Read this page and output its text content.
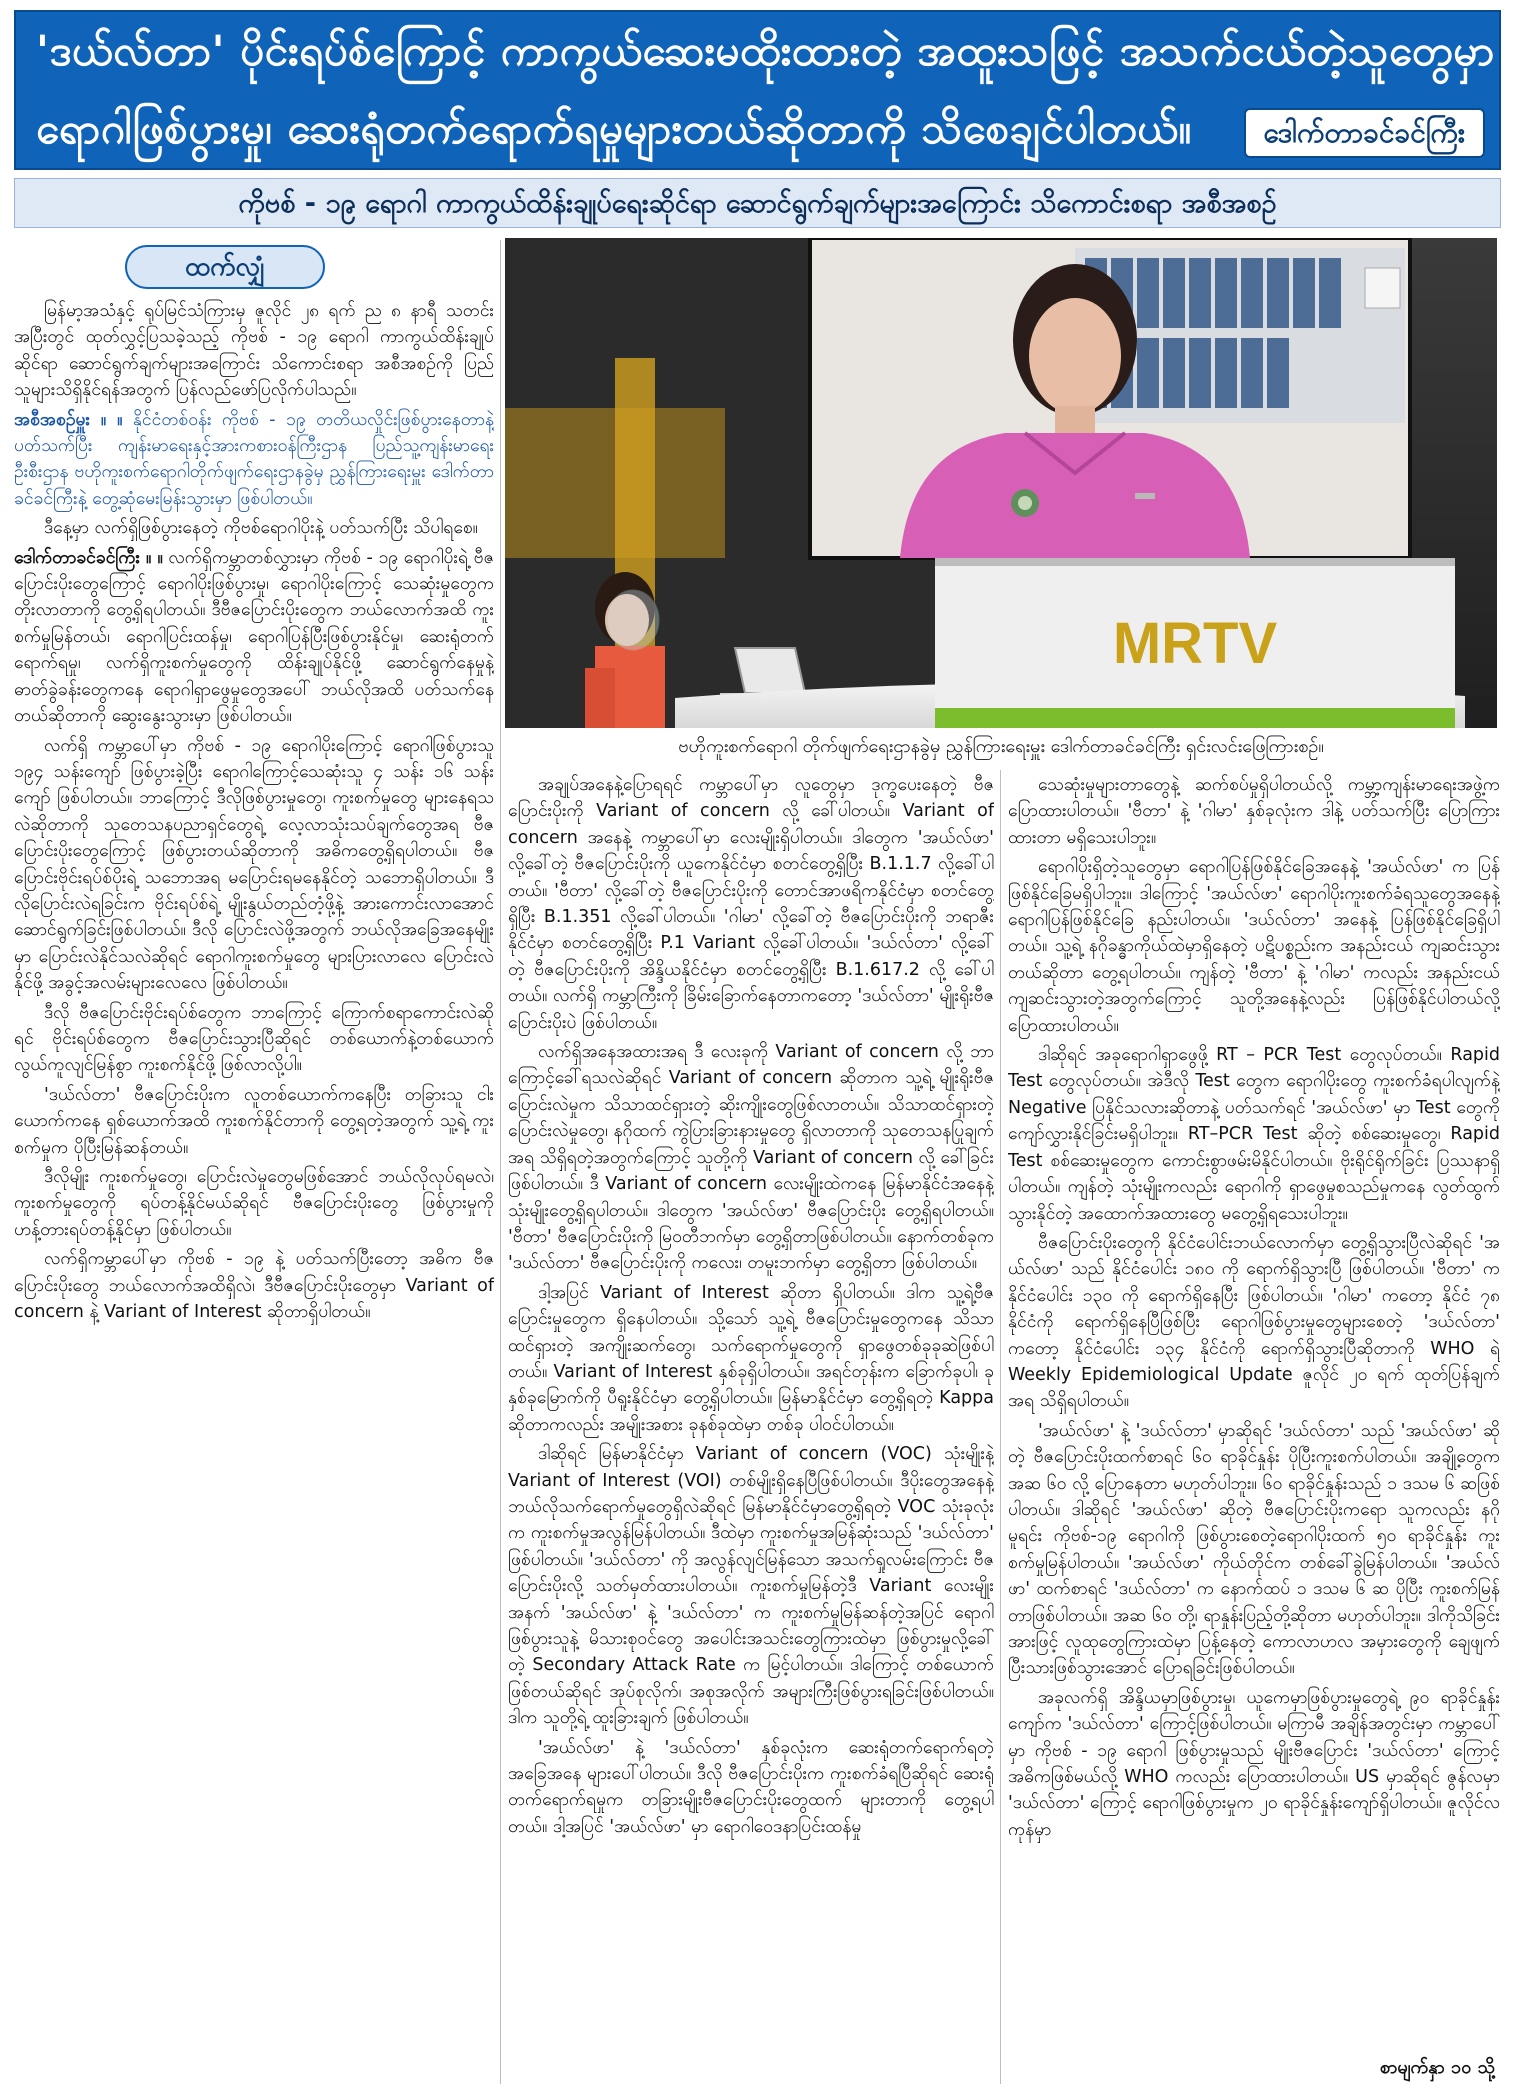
'ဒယ်လ်တာ' ပိုင်းရပ်စ်ကြောင့် ကာကွယ်ဆေးမထိုးထားတဲ့ အထူးသဖြင့် အသက်ငယ်တဲ့သူတွေမှာ
ရောဂါဖြစ်ပွားမှု၊ ဆေးရုံတက်ရောက်ရမှုများတယ်ဆိုတာကို သိစေချင်ပါတယ်။	ဒေါက်တာခင်ခင်ကြီး
ကိုဗစ် - ၁၉ ရောဂါ ကာကွယ်ထိန်းချုပ်ရေးဆိုင်ရာ ဆောင်ရွက်ချက်များအကြောင်း သိကောင်းစရာ အစီအစဉ်
ထက်လျှံ

မြန်မာ့အသံနှင့် ရုပ်မြင်သံကြားမှ ဇူလိုင် ၂၈ ရက် ည ၈ နာရီ သတင်းအပြီးတွင် ထုတ်လွှင့်ပြသခဲ့သည့် ကိုဗစ် - ၁၉ ရောဂါ ကာကွယ်ထိန်းချုပ်ဆိုင်ရာ ဆောင်ရွက်ချက်များအကြောင်း သိကောင်းစရာ အစီအစဉ်ကို ပြည်သူများသိရှိနိုင်ရန်အတွက် ပြန်လည်ဖော်ပြလိုက်ပါသည်။

အစီအစဉ်မှူး ။ ။ နိုင်ငံတစ်ဝန်း ကိုဗစ် - ၁၉ တတိယလှိုင်းဖြစ်ပွားနေတာနဲ့ ပတ်သက်ပြီး ကျန်းမာရေးနှင့်အားကစားဝန်ကြီးဌာန ပြည်သူ့ကျန်းမာရေးဦးစီးဌာန ဗဟိုကူးစက်ရောဂါတိုက်ဖျက်ရေးဌာနခွဲမှ ညွှန်ကြားရေးမှူး ဒေါက်တာခင်ခင်ကြီးနဲ့ တွေ့ဆုံမေးမြန်းသွားမှာ ဖြစ်ပါတယ်။

ဒီနေ့မှာ လက်ရှိဖြစ်ပွားနေတဲ့ ကိုဗစ်ရောဂါပိုးနဲ့ ပတ်သက်ပြီး သိပါရစေ။

ဒေါက်တာခင်ခင်ကြီး ။ ။ လက်ရှိကမ္ဘာတစ်လွှားမှာ ကိုဗစ် - ၁၉ ရောဂါပိုးရဲ့ ဗီဇပြောင်းပိုးတွေကြောင့် ရောဂါပိုးဖြစ်ပွားမှု၊ ရောဂါပိုးကြောင့် သေဆုံးမှုတွေက တိုးလာတာကို တွေ့ရှိရပါတယ်။ ဒီဗီဇပြောင်းပိုးတွေက ဘယ်လောက်အထိ ကူးစက်မှုမြန်တယ်၊ ရောဂါပြင်းထန်မှု၊ ရောဂါပြန်ပြီးဖြစ်ပွားနိုင်မှု၊ ဆေးရုံတက်ရောက်ရမှု၊ လက်ရှိကူးစက်မှုတွေကို ထိန်းချုပ်နိုင်ဖို့ ဆောင်ရွက်နေမှုနဲ့ ဓာတ်ခွဲခန်းတွေကနေ ရောဂါရှာဖွေမှုတွေအပေါ် ဘယ်လိုအထိ ပတ်သက်နေတယ်ဆိုတာကို ဆွေးနွေးသွားမှာ ဖြစ်ပါတယ်။

လက်ရှိ ကမ္ဘာပေါ်မှာ ကိုဗစ် - ၁၉ ရောဂါပိုးကြောင့် ရောဂါဖြစ်ပွားသူ ၁၉၄ သန်းကျော် ဖြစ်ပွားခဲ့ပြီး ရောဂါကြောင့်သေဆုံးသူ ၄ သန်း ၁၆ သန်းကျော် ဖြစ်ပါတယ်။ ဘာကြောင့် ဒီလိုဖြစ်ပွားမှုတွေ၊ ကူးစက်မှုတွေ များနေရသလဲဆိုတာကို သုတေသနပညာရှင်တွေရဲ့ လေ့လာသုံးသပ်ချက်တွေအရ ဗီဇပြောင်းပိုးတွေကြောင့် ဖြစ်ပွားတယ်ဆိုတာကို အဓိကတွေ့ရှိရပါတယ်။ ဗီဇပြောင်းဗိုင်းရပ်စ်ပိုးရဲ့ သဘောအရ မပြောင်းရမနေနိုင်တဲ့ သဘောရှိပါတယ်။ ဒီလိုပြောင်းလဲရခြင်းက ဗိုင်းရပ်စ်ရဲ့ မျိုးနွယ်တည်တံ့ဖို့နဲ့ အားကောင်းလာအောင် ဆောင်ရွက်ခြင်းဖြစ်ပါတယ်။ ဒီလို ပြောင်းလဲဖို့အတွက် ဘယ်လိုအခြေအနေမျိုးမှာ ပြောင်းလဲနိုင်သလဲဆိုရင် ရောဂါကူးစက်မှုတွေ များပြားလာလေ ပြောင်းလဲနိုင်ဖို့ အခွင့်အလမ်းများလေလေ ဖြစ်ပါတယ်။

ဒီလို ဗီဇပြောင်းဗိုင်းရပ်စ်တွေက ဘာကြောင့် ကြောက်စရာကောင်းလဲဆိုရင် ဗိုင်းရပ်စ်တွေက ဗီဇပြောင်းသွားပြီဆိုရင် တစ်ယောက်နဲ့တစ်ယောက် လွယ်ကူလျင်မြန်စွာ ကူးစက်နိုင်ဖို့ ဖြစ်လာလို့ပါ။

'ဒယ်လ်တာ' ဗီဇပြောင်းပိုးက လူတစ်ယောက်ကနေပြီး တခြားသူ ငါးယောက်ကနေ ရှစ်ယောက်အထိ ကူးစက်နိုင်တာကို တွေ့ရတဲ့အတွက် သူ့ရဲ့ ကူးစက်မှုက ပိုပြီးမြန်ဆန်တယ်။

ဒီလိုမျိုး ကူးစက်မှုတွေ၊ ပြောင်းလဲမှုတွေမဖြစ်အောင် ဘယ်လိုလုပ်ရမလဲ၊ ကူးစက်မှုတွေကို ရပ်တန့်နိုင်မယ်ဆိုရင် ဗီဇပြောင်းပိုးတွေ ဖြစ်ပွားမှုကို ဟန့်တားရပ်တန့်နိုင်မှာ ဖြစ်ပါတယ်။

လက်ရှိကမ္ဘာပေါ်မှာ ကိုဗစ် - ၁၉ နဲ့ ပတ်သက်ပြီးတော့ အဓိက ဗီဇပြောင်းပိုးတွေ ဘယ်လောက်အထိရှိလဲ၊ ဒီဗီဇပြောင်းပိုးတွေမှာ Variant of concern နဲ့ Variant of Interest ဆိုတာရှိပါတယ်။

MRTV
ဗဟိုကူးစက်ရောဂါ တိုက်ဖျက်ရေးဌာနခွဲမှ ညွှန်ကြားရေးမှူး ဒေါက်တာခင်ခင်ကြီး ရှင်းလင်းဖြေကြားစဉ်။

အချုပ်အနေနဲ့ပြောရရင် ကမ္ဘာပေါ်မှာ လူတွေမှာ ဒုက္ခပေးနေတဲ့ ဗီဇပြောင်းပိုးကို Variant of concern လို့ ခေါ်ပါတယ်။ Variant of concern အနေနဲ့ ကမ္ဘာပေါ်မှာ လေးမျိုးရှိပါတယ်။ ဒါတွေက 'အယ်လ်ဖာ' လို့ခေါ်တဲ့ ဗီဇပြောင်းပိုးကို ယူကေနိုင်ငံမှာ စတင်တွေ့ရှိပြီး B.1.1.7 လို့ခေါ်ပါတယ်။ 'ဗီတာ' လို့ခေါ်တဲ့ ဗီဇပြောင်းပိုးကို တောင်အာဖရိကနိုင်ငံမှာ စတင်တွေ့ရှိပြီး B.1.351 လို့ခေါ်ပါတယ်။ 'ဂါမာ' လို့ခေါ်တဲ့ ဗီဇပြောင်းပိုးကို ဘရာဇီးနိုင်ငံမှာ စတင်တွေ့ရှိပြီး P.1 Variant လို့ခေါ်ပါတယ်။ 'ဒယ်လ်တာ' လို့ခေါ်တဲ့ ဗီဇပြောင်းပိုးကို အိန္ဒိယနိုင်ငံမှာ စတင်တွေ့ရှိပြီး B.1.617.2 လို့ ခေါ်ပါတယ်။ လက်ရှိ ကမ္ဘာကြီးကို ခြိမ်းခြောက်နေတာကတော့ 'ဒယ်လ်တာ' မျိုးရိုးဗီဇပြောင်းပိုးပဲ ဖြစ်ပါတယ်။

လက်ရှိအနေအထားအရ ဒီ လေးခုကို Variant of concern လို့ ဘာကြောင့်ခေါ်ရသလဲဆိုရင် Variant of concern ဆိုတာက သူ့ရဲ့ မျိုးရိုးဗီဇပြောင်းလဲမှုက သိသာထင်ရှားတဲ့ ဆိုးကျိုးတွေဖြစ်လာတယ်။ သိသာထင်ရှားတဲ့ ပြောင်းလဲမှုတွေ၊ နဂိုထက် ကွဲပြားခြားနားမှုတွေ ရှိလာတာကို သုတေသနပြုချက်အရ သိရှိရတဲ့အတွက်ကြောင့် သူတို့ကို Variant of concern လို့ ခေါ်ခြင်းဖြစ်ပါတယ်။ ဒီ Variant of concern လေးမျိုးထဲကနေ မြန်မာနိုင်ငံအနေနဲ့ သုံးမျိုးတွေ့ရှိရပါတယ်။ ဒါတွေက 'အယ်လ်ဖာ' ဗီဇပြောင်းပိုး တွေ့ရှိရပါတယ်။ 'ဗီတာ' ဗီဇပြောင်းပိုးကို မြဝတီဘက်မှာ တွေ့ရှိတာဖြစ်ပါတယ်။ နောက်တစ်ခုက 'ဒယ်လ်တာ' ဗီဇပြောင်းပိုးကို ကလေး၊ တမူးဘက်မှာ တွေ့ရှိတာ ဖြစ်ပါတယ်။

ဒါ့အပြင် Variant of Interest ဆိုတာ ရှိပါတယ်။ ဒါက သူ့ရဲ့ဗီဇပြောင်းမှုတွေက ရှိနေပါတယ်။ သို့သော် သူ့ရဲ့ ဗီဇပြောင်းမှုတွေကနေ သိသာထင်ရှားတဲ့ အကျိုးဆက်တွေ၊ သက်ရောက်မှုတွေကို ရှာဖွေတစ်ခုခုဆဲဖြစ်ပါတယ်။ Variant of Interest နှစ်ခုရှိပါတယ်။ အရင်တုန်းက ခြောက်ခုပါ၊ ခုနှစ်ခုမြောက်ကို ပီရူးနိုင်ငံမှာ တွေ့ရှိပါတယ်။ မြန်မာနိုင်ငံမှာ တွေ့ရှိရတဲ့ Kappa ဆိုတာကလည်း အမျိုးအစား ခုနစ်ခုထဲမှာ တစ်ခု ပါဝင်ပါတယ်။

ဒါဆိုရင် မြန်မာနိုင်ငံမှာ Variant of concern (VOC) သုံးမျိုးနဲ့ Variant of Interest (VOI) တစ်မျိုးရှိနေပြီဖြစ်ပါတယ်။ ဒီပိုးတွေအနေနဲ့ ဘယ်လိုသက်ရောက်မှုတွေရှိလဲဆိုရင် မြန်မာနိုင်ငံမှာတွေ့ရှိရတဲ့ VOC သုံးခုလုံးက ကူးစက်မှုအလွန်မြန်ပါတယ်။ ဒီထဲမှာ ကူးစက်မှုအမြန်ဆုံးသည် 'ဒယ်လ်တာ' ဖြစ်ပါတယ်။ 'ဒယ်လ်တာ' ကို အလွန်လျင်မြန်သော အသက်ရှုလမ်းကြောင်း ဗီဇပြောင်းပိုးလို့ သတ်မှတ်ထားပါတယ်။ ကူးစက်မှုမြန်တဲ့ဒီ Variant လေးမျိုးအနက် 'အယ်လ်ဖာ' နဲ့ 'ဒယ်လ်တာ' က ကူးစက်မှုမြန်ဆန်တဲ့အပြင် ရောဂါဖြစ်ပွားသူနဲ့ မိသားစုဝင်တွေ အပေါင်းအသင်းတွေကြားထဲမှာ ဖြစ်ပွားမှုလို့ခေါ်တဲ့ Secondary Attack Rate က မြင့်ပါတယ်။ ဒါကြောင့် တစ်ယောက်ဖြစ်တယ်ဆိုရင် အုပ်စုလိုက်၊ အစုအလိုက် အများကြီးဖြစ်ပွားရခြင်းဖြစ်ပါတယ်။ ဒါက သူတို့ရဲ့ ထူးခြားချက် ဖြစ်ပါတယ်။

'အယ်လ်ဖာ' နဲ့ 'ဒယ်လ်တာ' နှစ်ခုလုံးက ဆေးရုံတက်ရောက်ရတဲ့ အခြေအနေ များပေါ်ပါတယ်။ ဒီလို ဗီဇပြောင်းပိုးက ကူးစက်ခံရပြီဆိုရင် ဆေးရုံတက်ရောက်ရမှုက တခြားမျိုးဗီဇပြောင်းပိုးတွေထက် များတာကို တွေ့ရပါတယ်။ ဒါ့အပြင် 'အယ်လ်ဖာ' မှာ ရောဂါဝေဒနာပြင်းထန်မှု

သေဆုံးမှုများတာတွေနဲ့ ဆက်စပ်မှုရှိပါတယ်လို့ ကမ္ဘာ့ကျန်းမာရေးအဖွဲ့က ပြောထားပါတယ်။ 'ဗီတာ' နဲ့ 'ဂါမာ' နှစ်ခုလုံးက ဒါနဲ့ ပတ်သက်ပြီး ပြောကြားထားတာ မရှိသေးပါဘူး။

ရောဂါပိုးရှိတဲ့သူတွေမှာ ရောဂါပြန်ဖြစ်နိုင်ခြေအနေနဲ့ 'အယ်လ်ဖာ' က ပြန်ဖြစ်နိုင်ခြေမရှိပါဘူး။ ဒါကြောင့် 'အယ်လ်ဖာ' ရောဂါပိုးကူးစက်ခံရသူတွေအနေနဲ့ ရောဂါပြန်ဖြစ်နိုင်ခြေ နည်းပါတယ်။ 'ဒယ်လ်တာ' အနေနဲ့ ပြန်ဖြစ်နိုင်ခြေရှိပါတယ်။ သူ့ရဲ့ နဂိုခန္ဓာကိုယ်ထဲမှာရှိနေတဲ့ ပဋိပစ္စည်းက အနည်းငယ် ကျဆင်းသွားတယ်ဆိုတာ တွေ့ရပါတယ်။ ကျန်တဲ့ 'ဗီတာ' နဲ့ 'ဂါမာ' ကလည်း အနည်းငယ် ကျဆင်းသွားတဲ့အတွက်ကြောင့် သူတို့အနေနဲ့လည်း ပြန်ဖြစ်နိုင်ပါတယ်လို့ ပြောထားပါတယ်။

ဒါဆိုရင် အခုရောဂါရှာဖွေဖို့ RT – PCR Test တွေလုပ်တယ်။ Rapid Test တွေလုပ်တယ်။ အဲဒီလို Test တွေက ရောဂါပိုးတွေ ကူးစက်ခံရပါလျက်နဲ့ Negative ပြနိုင်သလားဆိုတာနဲ့ ပတ်သက်ရင် 'အယ်လ်ဖာ' မှာ Test တွေကို ကျော်လွှားနိုင်ခြင်းမရှိပါဘူး။ RT–PCR Test ဆိုတဲ့ စစ်ဆေးမှုတွေ၊ Rapid Test စစ်ဆေးမှုတွေက ကောင်းစွာဖမ်းမိနိုင်ပါတယ်။ ဗိုးရိုင်ရိုက်ခြင်း ပြဿနာရှိပါတယ်။ ကျန်တဲ့ သုံးမျိုးကလည်း ရောဂါကို ရှာဖွေမှုစသည်မှုကနေ လွတ်ထွက်သွားနိုင်တဲ့ အထောက်အထားတွေ မတွေ့ရှိရသေးပါဘူး။

ဗီဇပြောင်းပိုးတွေကို နိုင်ငံပေါင်းဘယ်လောက်မှာ တွေ့ရှိသွားပြီလဲဆိုရင် 'အယ်လ်ဖာ' သည် နိုင်ငံပေါင်း ၁၈၀ ကို ရောက်ရှိသွားပြီ ဖြစ်ပါတယ်။ 'ဗီတာ' က နိုင်ငံပေါင်း ၁၃၀ ကို ရောက်ရှိနေပြီး ဖြစ်ပါတယ်။ 'ဂါမာ' ကတော့ နိုင်ငံ ၇၈ နိုင်ငံကို ရောက်ရှိနေပြီဖြစ်ပြီး ရောဂါဖြစ်ပွားမှုတွေများစေတဲ့ 'ဒယ်လ်တာ' ကတော့ နိုင်ငံပေါင်း ၁၃၄ နိုင်ငံကို ရောက်ရှိသွားပြီဆိုတာကို WHO ရဲ့ Weekly Epidemiological Update ဇူလိုင် ၂၀ ရက် ထုတ်ပြန်ချက်အရ သိရှိရပါတယ်။

'အယ်လ်ဖာ' နဲ့ 'ဒယ်လ်တာ' မှာဆိုရင် 'ဒယ်လ်တာ' သည် 'အယ်လ်ဖာ' ဆိုတဲ့ ဗီဇပြောင်းပိုးထက်စာရင် ၆၀ ရာခိုင်နှုန်း ပိုပြီးကူးစက်ပါတယ်။ အချို့တွေက အဆ ၆၀ လို့ ပြောနေတာ မဟုတ်ပါဘူး။ ၆၀ ရာခိုင်နှုန်းသည် ၁ ဒသမ ၆ ဆဖြစ်ပါတယ်။ ဒါဆိုရင် 'အယ်လ်ဖာ' ဆိုတဲ့ ဗီဇပြောင်းပိုးကရော သူကလည်း နဂိုမူရင်း ကိုဗစ်-၁၉ ရောဂါကို ဖြစ်ပွားစေတဲ့ရောဂါပိုးထက် ၅၀ ရာခိုင်နှုန်း ကူးစက်မှုမြန်ပါတယ်။ 'အယ်လ်ဖာ' ကိုယ်တိုင်က တစ်ခေါ်ခွဲမြန်ပါတယ်။ 'အယ်လ်ဖာ' ထက်စာရင် 'ဒယ်လ်တာ' က နောက်ထပ် ၁ ဒသမ ၆ ဆ ပိုပြီး ကူးစက်မြန်တာဖြစ်ပါတယ်။ အဆ ၆၀ တို့၊ ရာနှုန်းပြည့်တို့ဆိုတာ မဟုတ်ပါဘူး။ ဒါကိုသိခြင်းအားဖြင့် လူထုတွေကြားထဲမှာ ပြန့်နေတဲ့ ကောလာဟလ အမှားတွေကို ချေဖျက်ပြီးသားဖြစ်သွားအောင် ပြောရခြင်းဖြစ်ပါတယ်။

အခုလက်ရှိ အိန္ဒိယမှာဖြစ်ပွားမှု၊ ယူကေမှာဖြစ်ပွားမှုတွေရဲ့ ၉၀ ရာခိုင်နှုန်းကျော်က 'ဒယ်လ်တာ' ကြောင့်ဖြစ်ပါတယ်။ မကြာမီ အချိန်အတွင်းမှာ ကမ္ဘာပေါ်မှာ ကိုဗစ် - ၁၉ ရောဂါ ဖြစ်ပွားမှုသည် မျိုးဗီဇပြောင်း 'ဒယ်လ်တာ' ကြောင့် အဓိကဖြစ်မယ်လို့ WHO ကလည်း ပြောထားပါတယ်။ US မှာဆိုရင် ဇွန်လမှာ 'ဒယ်လ်တာ' ကြောင့် ရောဂါဖြစ်ပွားမှုက ၂၀ ရာခိုင်နှုန်းကျော်ရှိပါတယ်။ ဇူလိုင်လကုန်မှာ

စာမျက်နှာ ၁၀ သို့
